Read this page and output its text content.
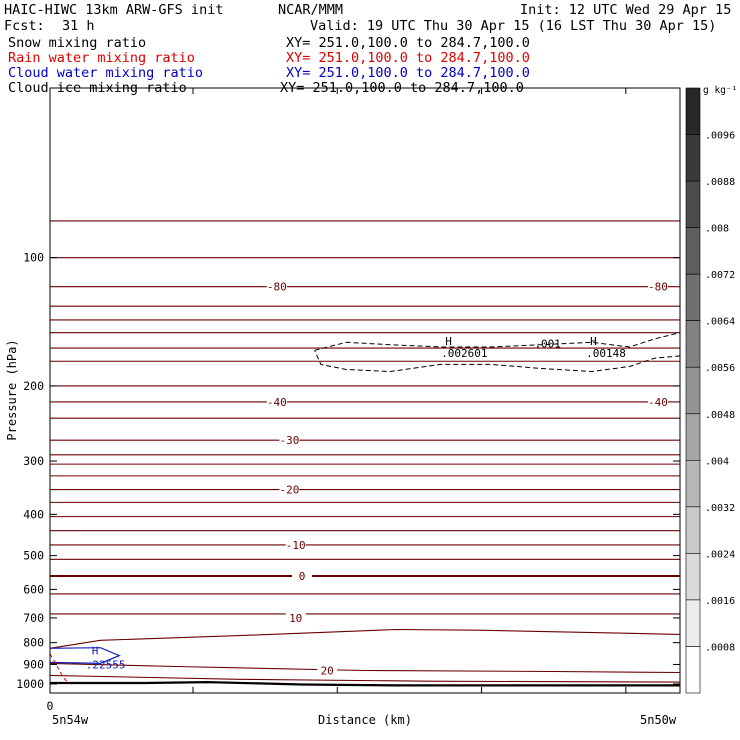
HAIC-HIWC 13km ARW-GFS init	NCAR/MMM	Init: 12 UTC Wed 29 Apr 15
Fcst: 31 h	Valid: 19 UTC Thu 30 Apr 15 (16 LST Thu 30 Apr 15)
Snow mixing ratio	XY= 251.0,100.0 to 284.7,100.0
Rain water mixing ratio	XY= 251.0,100.0 to 284.7,100.0
Cloud water mixing ratio	XY= 251.0,100.0 to 284.7,100.0
Cloud ice mixing ratio	XY= 251.0,100.0 to 284.7,100.0
100
200
300
400
500
600
700
800
900
1000
0
5n54w	5n50w
Distance (km)
Pressure (hPa)
-80	-80
-40	-40
-30
-20
-10
0
10
20
.001
H
.002601
H
.00148
H
.22555
.0096
.0088
.008
.0072
.0064
.0056
.0048
.004
.0032
.0024
.0016
.0008
g kg⁻¹
